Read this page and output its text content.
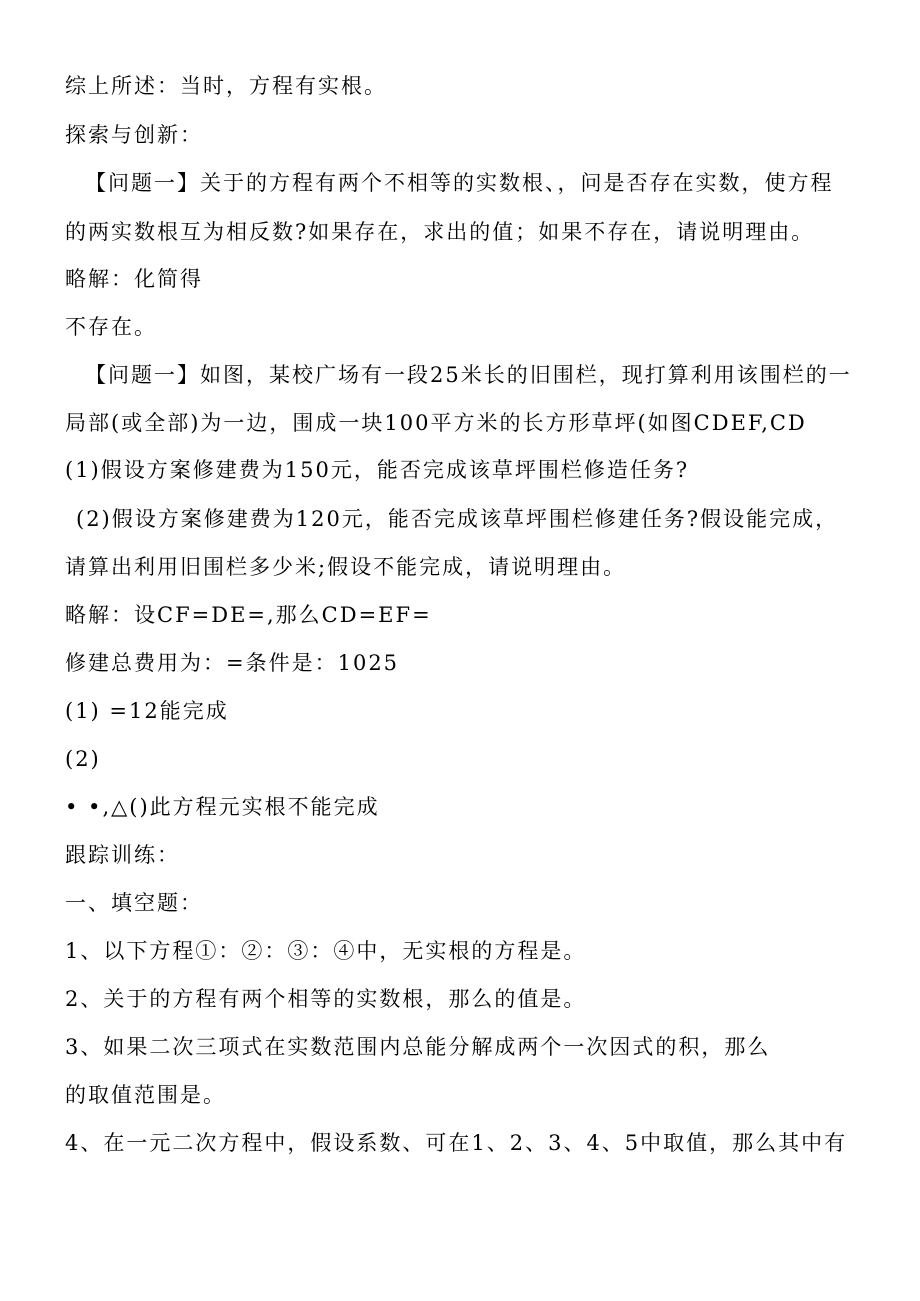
综上所述：当时，方程有实根。
探索与创新：
【问题一】关于的方程有两个不相等的实数根、，问是否存在实数，使方程
的两实数根互为相反数?如果存在，求出的值；如果不存在，请说明理由。
略解：化简得
不存在。
【问题一】如图，某校广场有一段25米长的旧围栏，现打算利用该围栏的一
局部(或全部)为一边，围成一块100平方米的长方形草坪(如图CDEF,CD
(1)假设方案修建费为150元，能否完成该草坪围栏修造任务?
(2)假设方案修建费为120元，能否完成该草坪围栏修建任务?假设能完成，
请算出利用旧围栏多少米;假设不能完成，请说明理由。
略解：设CF=DE=,那么CD=EF=
修建总费用为：=条件是：1025
(1) =12能完成
(2)
• •,△()此方程元实根不能完成
跟踪训练：
一、填空题：
1、以下方程①：②：③：④中，无实根的方程是。
2、关于的方程有两个相等的实数根，那么的值是。
3、如果二次三项式在实数范围内总能分解成两个一次因式的积，那么
的取值范围是。
4、在一元二次方程中，假设系数、可在1、2、3、4、5中取值，那么其中有
